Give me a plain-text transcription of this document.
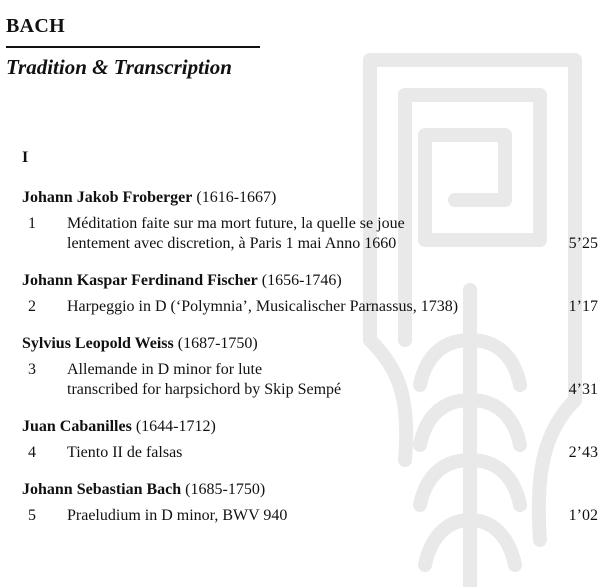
BACH
Tradition & Transcription
I
Johann Jakob Froberger (1616-1667)
1	Méditation faite sur ma mort future, la quelle se joue
lentement avec discretion, à Paris 1 mai Anno 1660	5’25
Johann Kaspar Ferdinand Fischer (1656-1746)
2	Harpeggio in D (‘Polymnia’, Musicalischer Parnassus, 1738)	1’17
Sylvius Leopold Weiss (1687-1750)
3	Allemande in D minor for lute
transcribed for harpsichord by Skip Sempé	4’31
Juan Cabanilles (1644-1712)
4	Tiento II de falsas	2’43
Johann Sebastian Bach (1685-1750)
5	Praeludium in D minor, BWV 940	1’02
